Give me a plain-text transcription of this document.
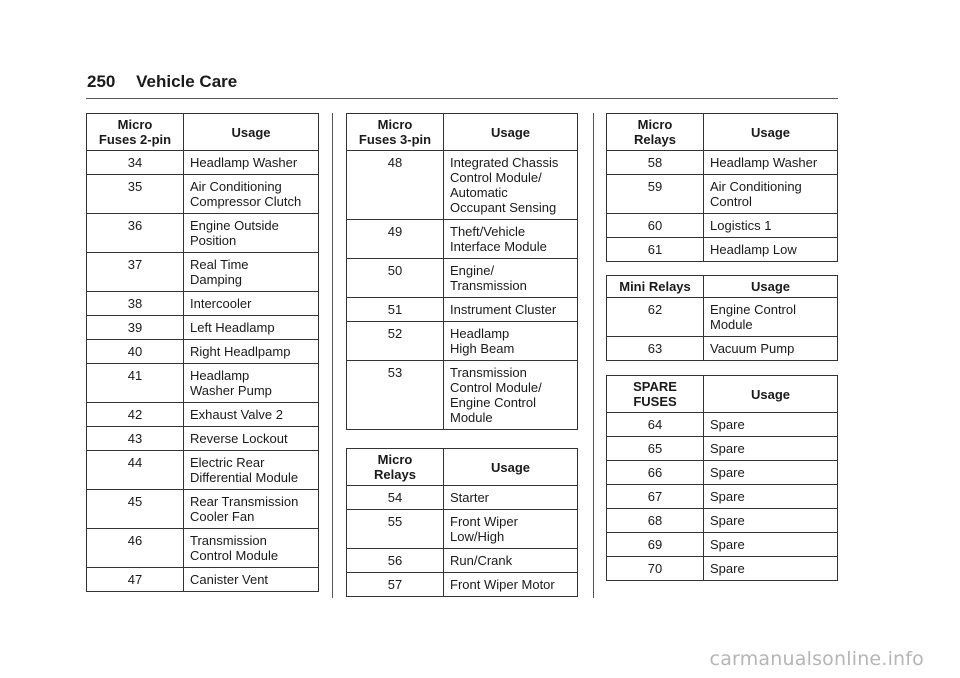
250 Vehicle Care
Micro
Fuses 2-pin	Usage
34	Headlamp Washer
35	Air Conditioning
Compressor Clutch
36	Engine Outside
Position
37	Real Time
Damping
38	Intercooler
39	Left Headlamp
40	Right Headlpamp
41	Headlamp
Washer Pump
42	Exhaust Valve 2
43	Reverse Lockout
44	Electric Rear
Differential Module
45	Rear Transmission
Cooler Fan
46	Transmission
Control Module
47	Canister Vent
Micro
Fuses 3-pin	Usage
48	Integrated Chassis
Control Module/
Automatic
Occupant Sensing
49	Theft/Vehicle
Interface Module
50	Engine/
Transmission
51	Instrument Cluster
52	Headlamp
High Beam
53	Transmission
Control Module/
Engine Control
Module
Micro
Relays	Usage
54	Starter
55	Front Wiper
Low/High
56	Run/Crank
57	Front Wiper Motor
Micro
Relays	Usage
58	Headlamp Washer
59	Air Conditioning
Control
60	Logistics 1
61	Headlamp Low
Mini Relays	Usage
62	Engine Control
Module
63	Vacuum Pump
SPARE
FUSES	Usage
64	Spare
65	Spare
66	Spare
67	Spare
68	Spare
69	Spare
70	Spare
carmanualsonline.info
